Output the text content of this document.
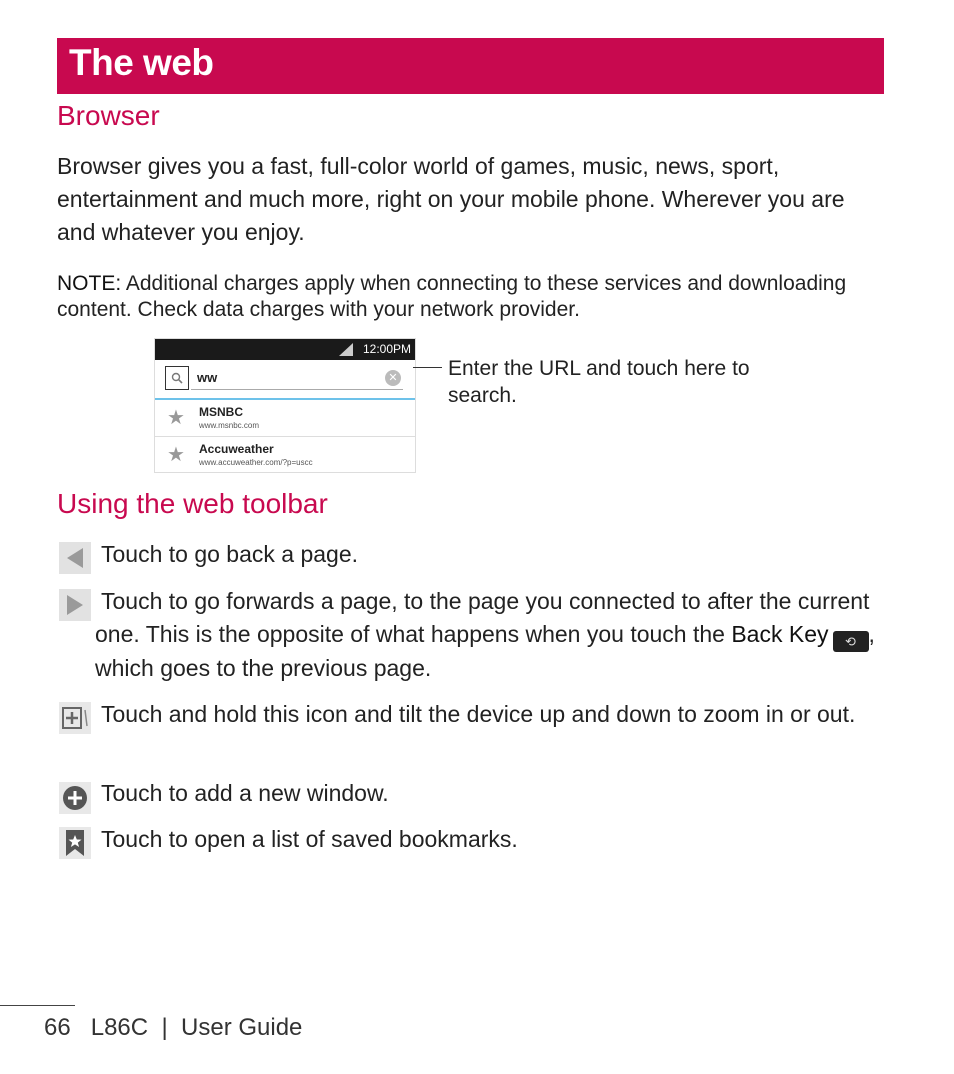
The web
Browser

Browser gives you a fast, full-color world of games, music, news, sport, entertainment and much more, right on your mobile phone. Wherever you are and whatever you enjoy.

NOTE: Additional charges apply when connecting to these services and downloading content. Check data charges with your network provider.
12:00PM
ww	✕
★ MSNBC
www.msnbc.com
★ Accuweather
www.accuweather.com/?p=uscc
Enter the URL and touch here to search.
Using the web toolbar

Touch to go back a page.

Touch to go forwards a page, to the page you connected to after the current one. This is the opposite of what happens when you touch the Back Key ⟲ , which goes to the previous page.

Touch and hold this icon and tilt the device up and down to zoom in or out.

Touch to add a new window.

Touch to open a list of saved bookmarks.

66 L86C | User Guide
